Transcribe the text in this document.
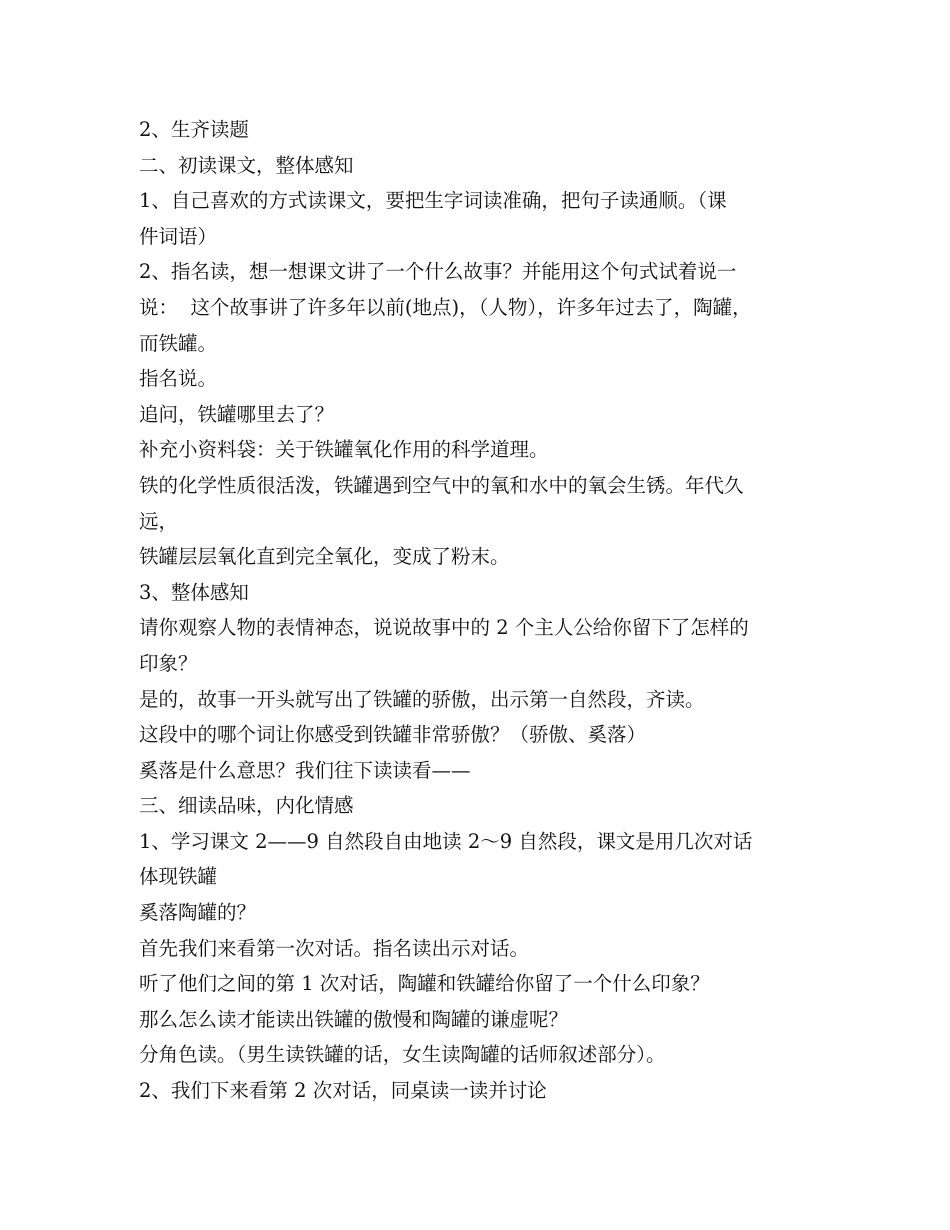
2、生齐读题
二、初读课文，整体感知
1、自己喜欢的方式读课文，要把生字词读准确，把句子读通顺。（课
件词语）
2、指名读，想一想课文讲了一个什么故事？并能用这个句式试着说一
说：  这个故事讲了许多年以前(地点)，（人物），许多年过去了，陶罐，
而铁罐。
指名说。
追问，铁罐哪里去了？
补充小资料袋：关于铁罐氧化作用的科学道理。
铁的化学性质很活泼，铁罐遇到空气中的氧和水中的氧会生锈。年代久
远，
铁罐层层氧化直到完全氧化，变成了粉末。
3、整体感知
请你观察人物的表情神态，说说故事中的 2 个主人公给你留下了怎样的
印象？
是的，故事一开头就写出了铁罐的骄傲，出示第一自然段，齐读。
这段中的哪个词让你感受到铁罐非常骄傲？（骄傲、奚落）
奚落是什么意思？我们往下读读看——
三、细读品味，内化情感
1、学习课文 2——9 自然段自由地读 2～9 自然段，课文是用几次对话
体现铁罐
奚落陶罐的？
首先我们来看第一次对话。指名读出示对话。
听了他们之间的第 1 次对话，陶罐和铁罐给你留了一个什么印象？
那么怎么读才能读出铁罐的傲慢和陶罐的谦虚呢？
分角色读。（男生读铁罐的话，女生读陶罐的话师叙述部分）。
2、我们下来看第 2 次对话，同桌读一读并讨论
